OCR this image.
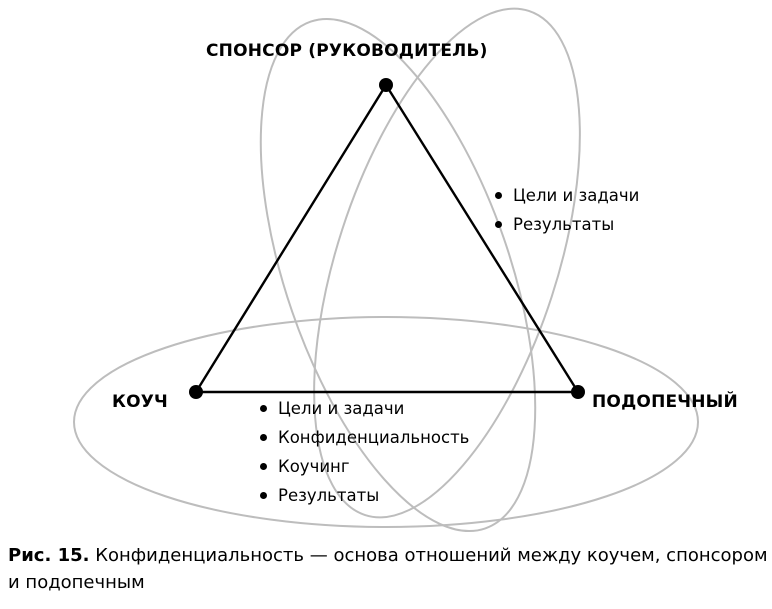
СПОНСОР (РУКОВОДИТЕЛЬ)
КОУЧ	ПОДОПЕЧНЫЙ
Цели и задачи
Результаты
Цели и задачи
Конфиденциальность
Коучинг
Результаты
Рис. 15. Конфиденциальность — основа отношений между коучем, спонсором и подопечным
